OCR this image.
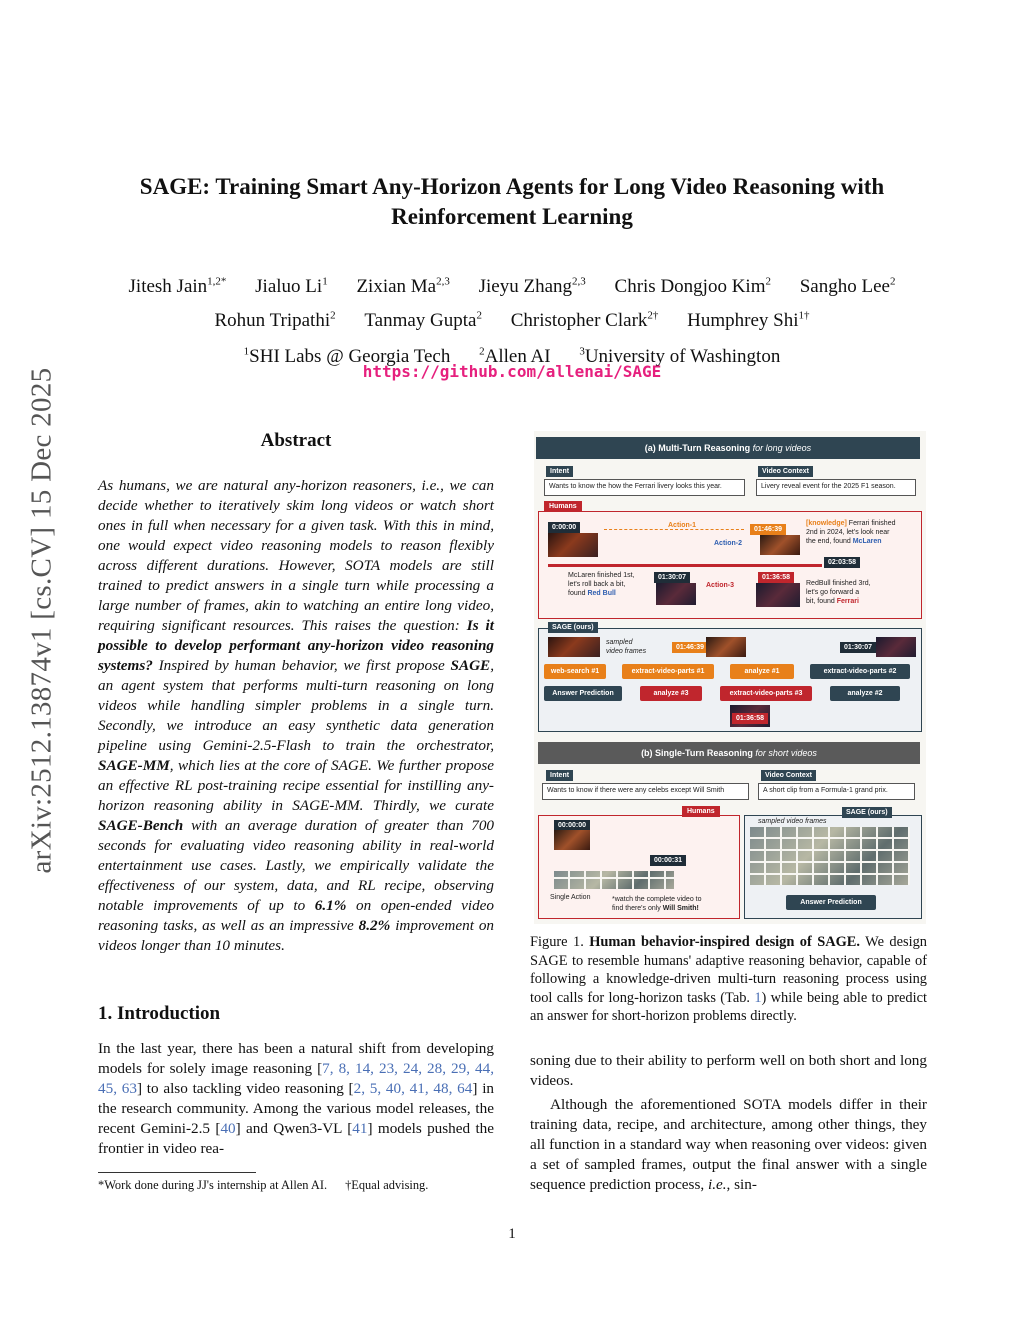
arXiv:2512.13874v1 [cs.CV] 15 Dec 2025
SAGE: Training Smart Any-Horizon Agents for Long Video Reasoning with
Reinforcement Learning
Jitesh Jain$^{1,2*}$ Jialuo Li$^1$ Zixian Ma$^{2,3}$ Jieyu Zhang$^{2,3}$ Chris Dongjoo Kim$^2$ Sangho Lee$^2$
Rohun Tripathi$^2$ Tanmay Gupta$^2$ Christopher Clark$^{2\dagger}$ Humphrey Shi$^{1\dagger}$
$^1$SHI Labs @ Georgia Tech	$^2$Allen AI	$^3$University of Washington
https://github.com/allenai/SAGE
Abstract
As humans, we are natural any-horizon reasoners, i.e., we can decide whether to iteratively skim long videos or watch short ones in full when necessary for a given task. With this in mind, one would expect video reasoning models to reason flexibly across different durations. However, SOTA models are still trained to predict answers in a single turn while processing a large number of frames, akin to watching an entire long video, requiring significant resources. This raises the question: Is it possible to develop performant any-horizon video reasoning systems? Inspired by human behavior, we first propose SAGE, an agent system that performs multi-turn reasoning on long videos while handling simpler problems in a single turn. Secondly, we introduce an easy synthetic data generation pipeline using Gemini-2.5-Flash to train the orchestrator, SAGE-MM, which lies at the core of SAGE. We further propose an effective RL post-training recipe essential for instilling any-horizon reasoning ability in SAGE-MM. Thirdly, we curate SAGE-Bench with an average duration of greater than 700 seconds for evaluating video reasoning ability in real-world entertainment use cases. Lastly, we empirically validate the effectiveness of our system, data, and RL recipe, observing notable improvements of up to 6.1% on open-ended video reasoning tasks, as well as an impressive 8.2% improvement on videos longer than 10 minutes.
1. Introduction
In the last year, there has been a natural shift from developing models for solely image reasoning [7, 8, 14, 23, 24, 28, 29, 44, 45, 63] to also tackling video reasoning [2, 5, 40, 41, 48, 64] in the research community. Among the various model releases, the recent Gemini-2.5 [40] and Qwen3-VL [41] models pushed the frontier in video rea-
*Work done during JJ's internship at Allen AI. †Equal advising.
(a) Multi-Turn Reasoning for long videos
Intent
Wants to know the how the Ferrari livery looks this year.
Video Context
Livery reveal event for the 2025 F1 season.
Humans
0:00:00	Action-1
01:46:39
Action-2
[knowledge] Ferrari finished
2nd in 2024, let's look near
the end, found McLaren
02:03:58
McLaren finished 1st,
let's roll back a bit,
found Red Bull
01:30:07
Action-3
01:36:58
RedBull finished 3rd,
let's go forward a
bit, found Ferrari
SAGE (ours)
sampled video frames
01:46:39	01:30:07
web-search #1	extract-video-parts #1	analyze #1	extract-video-parts #2
Answer Prediction	analyze #3	extract-video-parts #3	analyze #2
01:36:58
(b) Single-Turn Reasoning for short videos
Intent
Wants to know if there were any celebs except Will Smith
Video Context
A short clip from a Formula-1 grand prix.
Humans
00:00:00
00:00:31
Single Action	*watch the complete video to
find there's only Will Smith!
SAGE (ours)
sampled video frames
Answer Prediction
Figure 1. Human behavior-inspired design of SAGE. We design SAGE to resemble humans' adaptive reasoning behavior, capable of following a knowledge-driven multi-turn reasoning process using tool calls for long-horizon tasks (Tab. 1) while being able to predict an answer for short-horizon problems directly.
soning due to their ability to perform well on both short and long videos.
Although the aforementioned SOTA models differ in their training data, recipe, and architecture, among other things, they all function in a standard way when reasoning over videos: given a set of sampled frames, output the final answer with a single sequence prediction process, i.e., sin-
1
